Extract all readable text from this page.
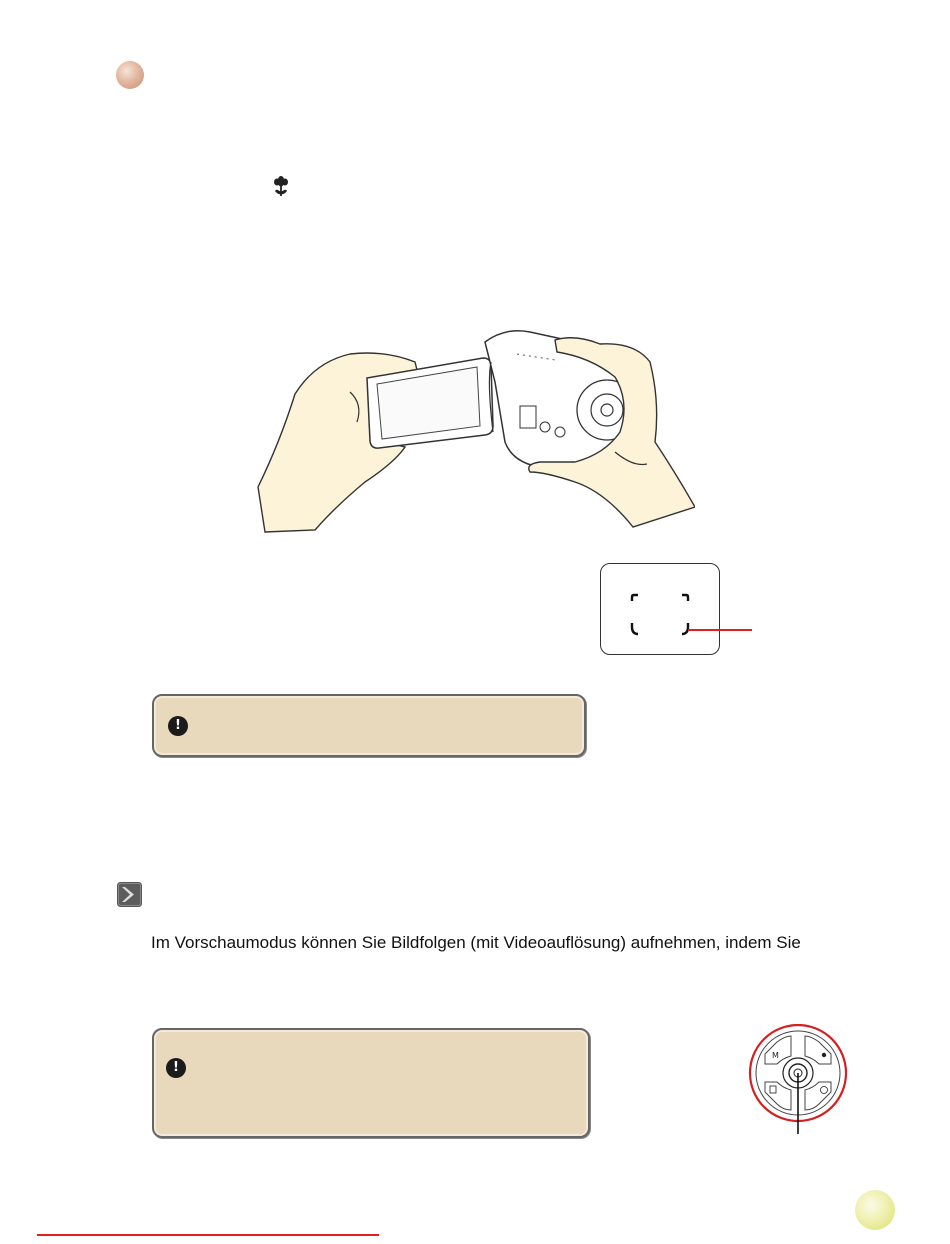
!
Im Vorschaumodus können Sie Bildfolgen (mit Videoauflösung) aufnehmen, indem Sie
!
M
